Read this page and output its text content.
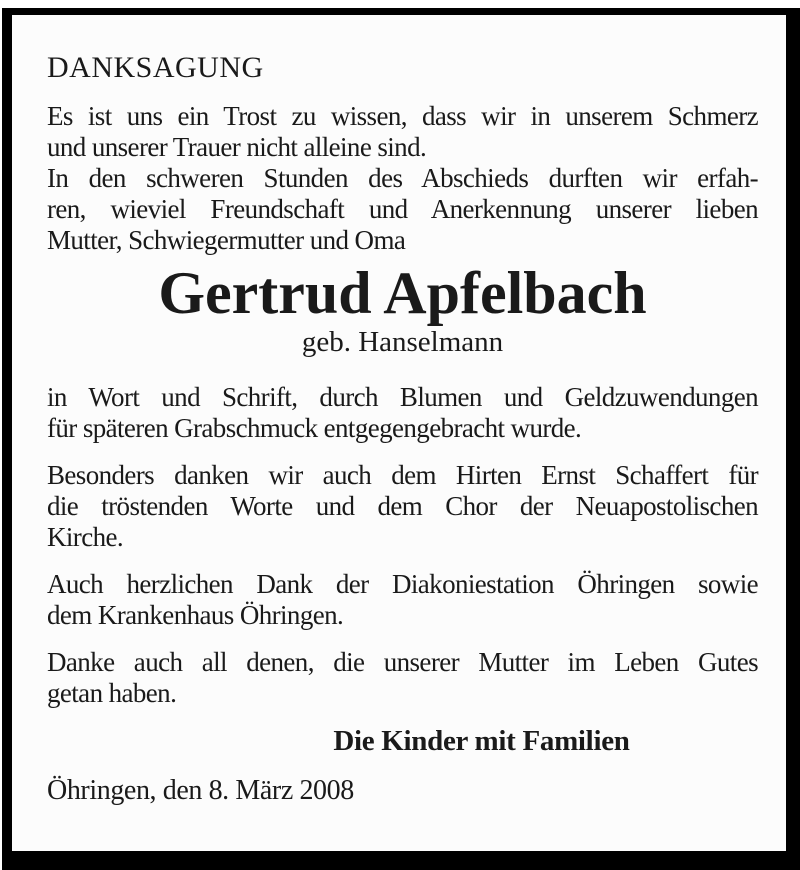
DANKSAGUNG
Es ist uns ein Trost zu wissen, dass wir in unserem Schmerz
und unserer Trauer nicht alleine sind.
In den schweren Stunden des Abschieds durften wir erfah-
ren, wieviel Freundschaft und Anerkennung unserer lieben
Mutter, Schwiegermutter und Oma
Gertrud Apfelbach
geb. Hanselmann
in Wort und Schrift, durch Blumen und Geldzuwendungen
für späteren Grabschmuck entgegengebracht wurde.
Besonders danken wir auch dem Hirten Ernst Schaffert für
die tröstenden Worte und dem Chor der Neuapostolischen
Kirche.
Auch herzlichen Dank der Diakoniestation Öhringen sowie
dem Krankenhaus Öhringen.
Danke auch all denen, die unserer Mutter im Leben Gutes
getan haben.
Die Kinder mit Familien
Öhringen, den 8. März 2008
